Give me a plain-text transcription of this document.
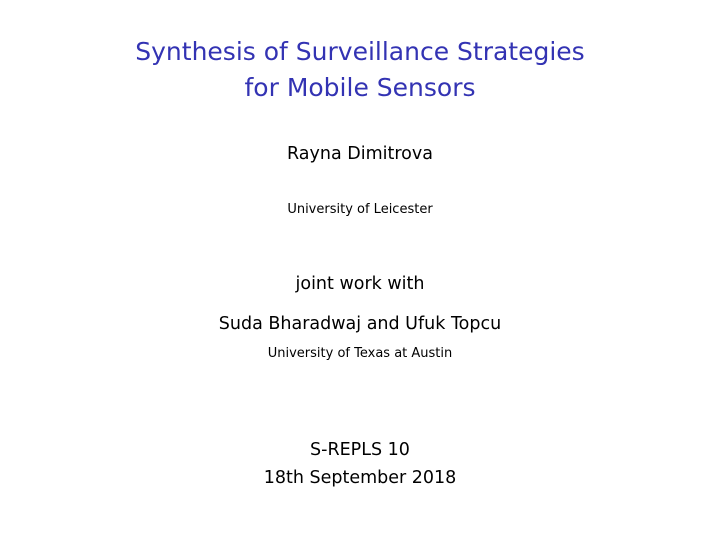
Synthesis of Surveillance Strategies
for Mobile Sensors
Rayna Dimitrova
University of Leicester
joint work with
Suda Bharadwaj and Ufuk Topcu
University of Texas at Austin
S-REPLS 10
18th September 2018
